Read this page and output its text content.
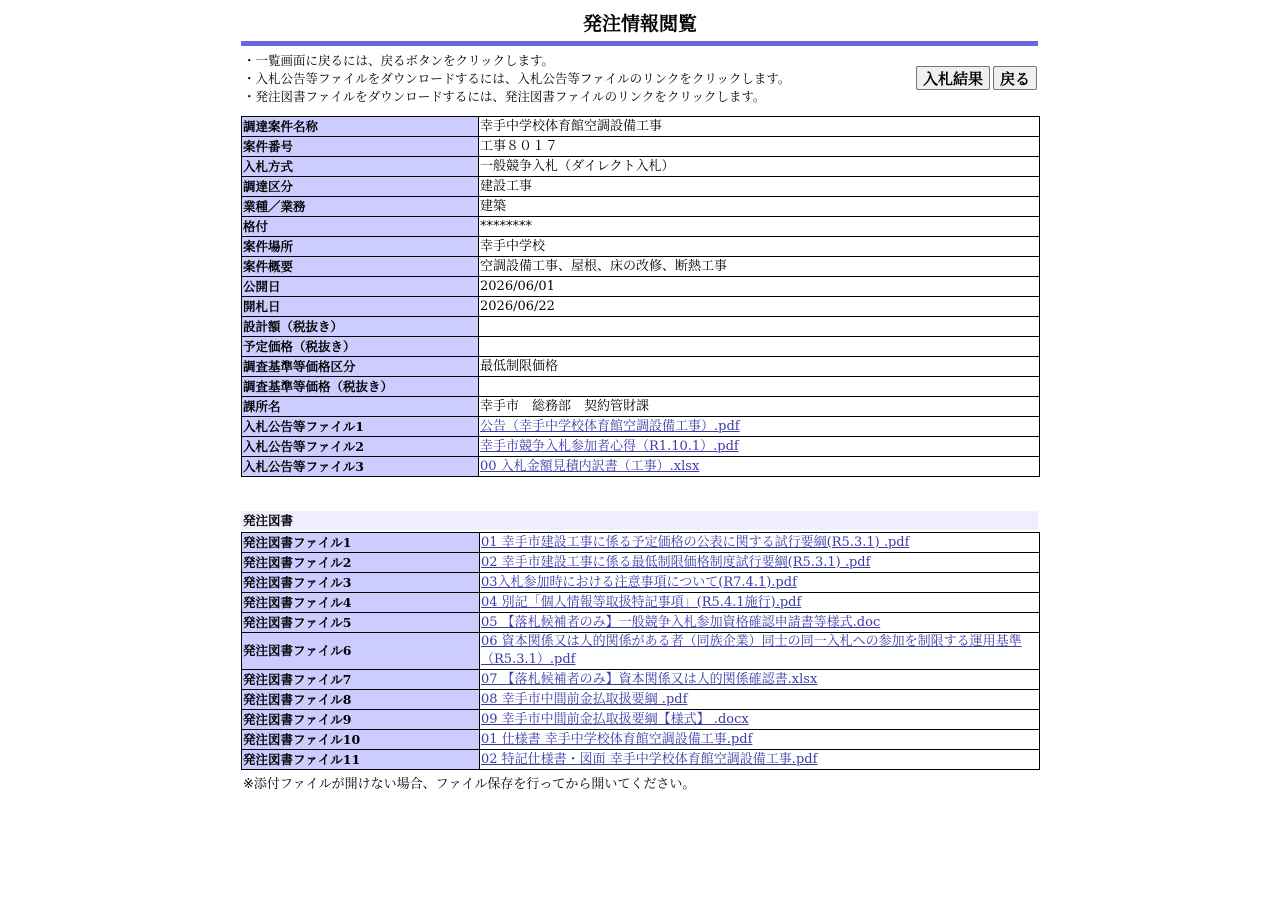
発注情報閲覧
・一覧画面に戻るには、戻るボタンをクリックします。
・入札公告等ファイルをダウンロードするには、入札公告等ファイルのリンクをクリックします。
・発注図書ファイルをダウンロードするには、発注図書ファイルのリンクをクリックします。
入札結果	戻る
調達案件名称	幸手中学校体育館空調設備工事
案件番号	工事８０１７
入札方式	一般競争入札（ダイレクト入札）
調達区分	建設工事
業種／業務	建築
格付	********
案件場所	幸手中学校
案件概要	空調設備工事、屋根、床の改修、断熱工事
公開日	2026/06/01
開札日	2026/06/22
設計額（税抜き）	
予定価格（税抜き）	
調査基準等価格区分	最低制限価格
調査基準等価格（税抜き）	
課所名	幸手市　総務部　契約管財課
入札公告等ファイル1	公告（幸手中学校体育館空調設備工事）.pdf
入札公告等ファイル2	幸手市競争入札参加者心得（R1.10.1）.pdf
入札公告等ファイル3	00 入札金額見積内訳書（工事）.xlsx
発注図書
発注図書ファイル1	01 幸手市建設工事に係る予定価格の公表に関する試行要綱(R5.3.1) .pdf
発注図書ファイル2	02 幸手市建設工事に係る最低制限価格制度試行要綱(R5.3.1) .pdf
発注図書ファイル3	03入札参加時における注意事項について(R7.4.1).pdf
発注図書ファイル4	04 別記「個人情報等取扱特記事項」(R5.4.1施行).pdf
発注図書ファイル5	05 【落札候補者のみ】一般競争入札参加資格確認申請書等様式.doc
発注図書ファイル6	06 資本関係又は人的関係がある者（同族企業）同士の同一入札への参加を制限する運用基準（R5.3.1）.pdf
発注図書ファイル7	07 【落札候補者のみ】資本関係又は人的関係確認書.xlsx
発注図書ファイル8	08 幸手市中間前金払取扱要綱 .pdf
発注図書ファイル9	09 幸手市中間前金払取扱要綱【様式】 .docx
発注図書ファイル10	01 仕様書 幸手中学校体育館空調設備工事.pdf
発注図書ファイル11	02 特記仕様書・図面 幸手中学校体育館空調設備工事.pdf
※添付ファイルが開けない場合、ファイル保存を行ってから開いてください。
